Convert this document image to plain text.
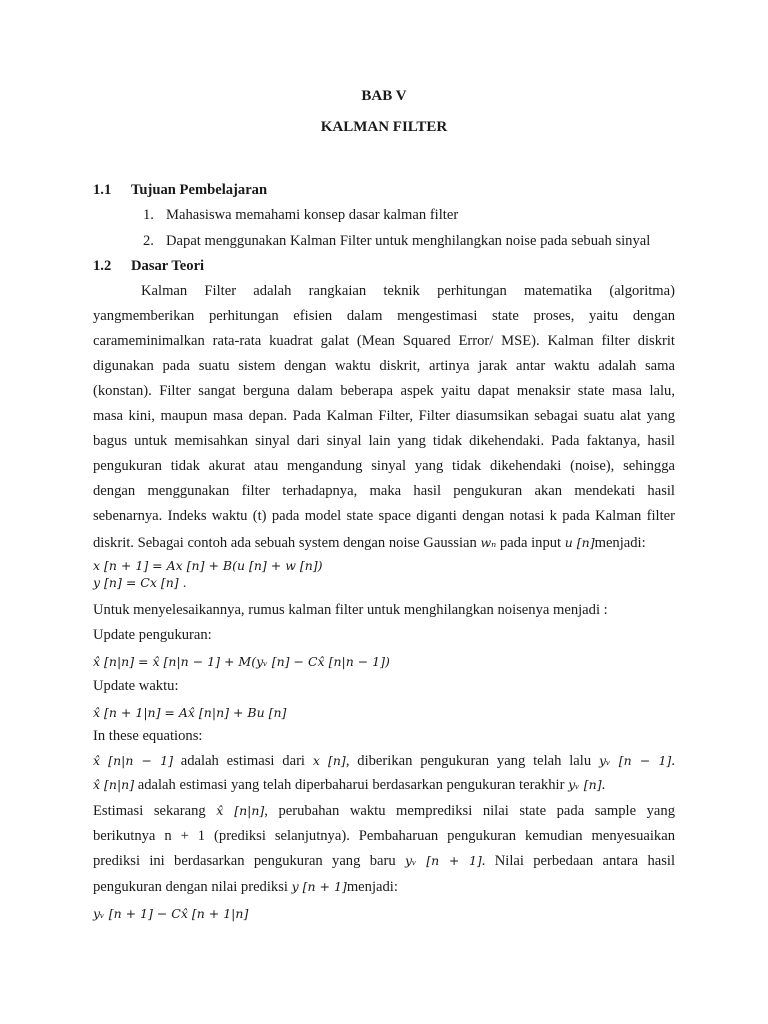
BAB V
KALMAN FILTER
1.1 Tujuan Pembelajaran
1. Mahasiswa memahami konsep dasar kalman filter
2. Dapat menggunakan Kalman Filter untuk menghilangkan noise pada sebuah sinyal
1.2 Dasar Teori
Kalman Filter adalah rangkaian teknik perhitungan matematika (algoritma)
yangmemberikan perhitungan efisien dalam mengestimasi state proses, yaitu dengan
carameminimalkan rata-rata kuadrat galat (Mean Squared Error/ MSE). Kalman filter diskrit
digunakan pada suatu sistem dengan waktu diskrit, artinya jarak antar waktu adalah sama
(konstan). Filter sangat berguna dalam beberapa aspek yaitu dapat menaksir state masa lalu,
masa kini, maupun masa depan. Pada Kalman Filter, Filter diasumsikan sebagai suatu alat yang
bagus untuk memisahkan sinyal dari sinyal lain yang tidak dikehendaki. Pada faktanya, hasil
pengukuran tidak akurat atau mengandung sinyal yang tidak dikehendaki (noise), sehingga
dengan menggunakan filter terhadapnya, maka hasil pengukuran akan mendekati hasil
sebenarnya. Indeks waktu (t) pada model state space diganti dengan notasi k pada Kalman filter
diskrit. Sebagai contoh ada sebuah system dengan noise Gaussian wₙ pada input u [n]menjadi:
x [n + 1] = Ax [n] + B(u [n] + w [n])
y [n] = Cx [n] .
Untuk menyelesaikannya, rumus kalman filter untuk menghilangkan noisenya menjadi :
Update pengukuran:
x̂ [n|n] = x̂ [n|n − 1] + M(yᵥ [n] − Cx̂ [n|n − 1])
Update waktu:
x̂ [n + 1|n] = Ax̂ [n|n] + Bu [n]
In these equations:
x̂ [n|n − 1] adalah estimasi dari x [n], diberikan pengukuran yang telah lalu yᵥ [n − 1].
x̂ [n|n] adalah estimasi yang telah diperbaharui berdasarkan pengukuran terakhir yᵥ [n].
Estimasi sekarang x̂ [n|n], perubahan waktu memprediksi nilai state pada sample yang
berikutnya n + 1 (prediksi selanjutnya). Pembaharuan pengukuran kemudian menyesuaikan
prediksi ini berdasarkan pengukuran yang baru yᵥ [n + 1]. Nilai perbedaan antara hasil
pengukuran dengan nilai prediksi y [n + 1]menjadi:
yᵥ [n + 1] − Cx̂ [n + 1|n]
